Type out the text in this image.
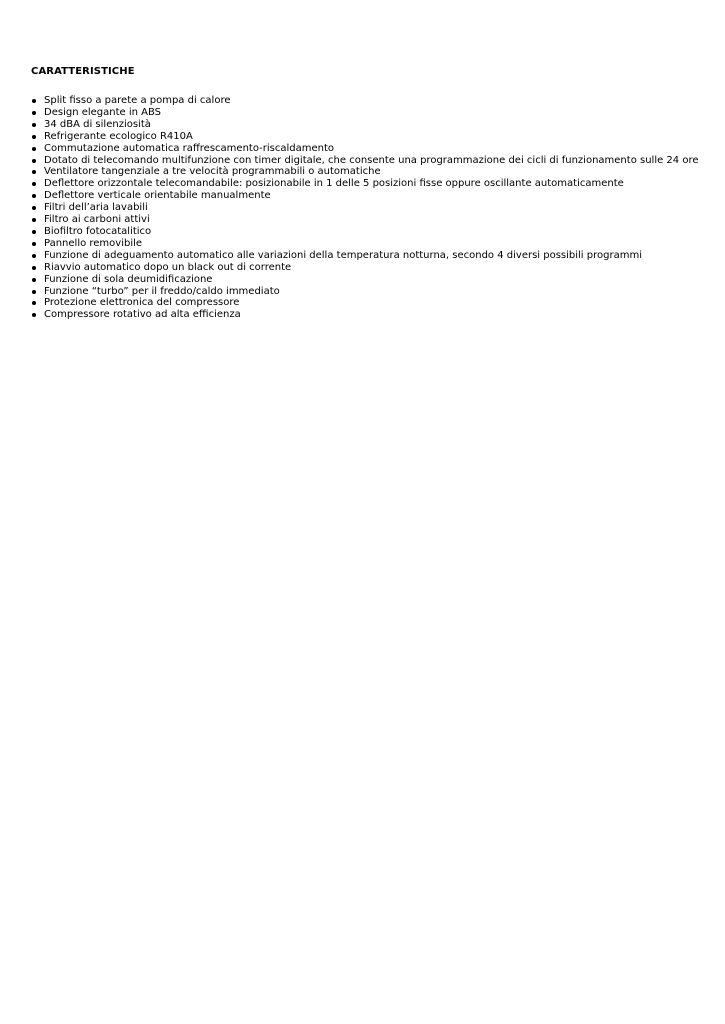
CARATTERISTICHE
Split fisso a parete a pompa di calore
Design elegante in ABS
34 dBA di silenziosità
Refrigerante ecologico R410A
Commutazione automatica raffrescamento-riscaldamento
Dotato di telecomando multifunzione con timer digitale, che consente una programmazione dei cicli di funzionamento sulle 24 ore
Ventilatore tangenziale a tre velocità programmabili o automatiche
Deflettore orizzontale telecomandabile: posizionabile in 1 delle 5 posizioni fisse oppure oscillante automaticamente
Deflettore verticale orientabile manualmente
Filtri dell’aria lavabili
Filtro ai carboni attivi
Biofiltro fotocatalitico
Pannello removibile
Funzione di adeguamento automatico alle variazioni della temperatura notturna, secondo 4 diversi possibili programmi
Riavvio automatico dopo un black out di corrente
Funzione di sola deumidificazione
Funzione “turbo” per il freddo/caldo immediato
Protezione elettronica del compressore
Compressore rotativo ad alta efficienza
